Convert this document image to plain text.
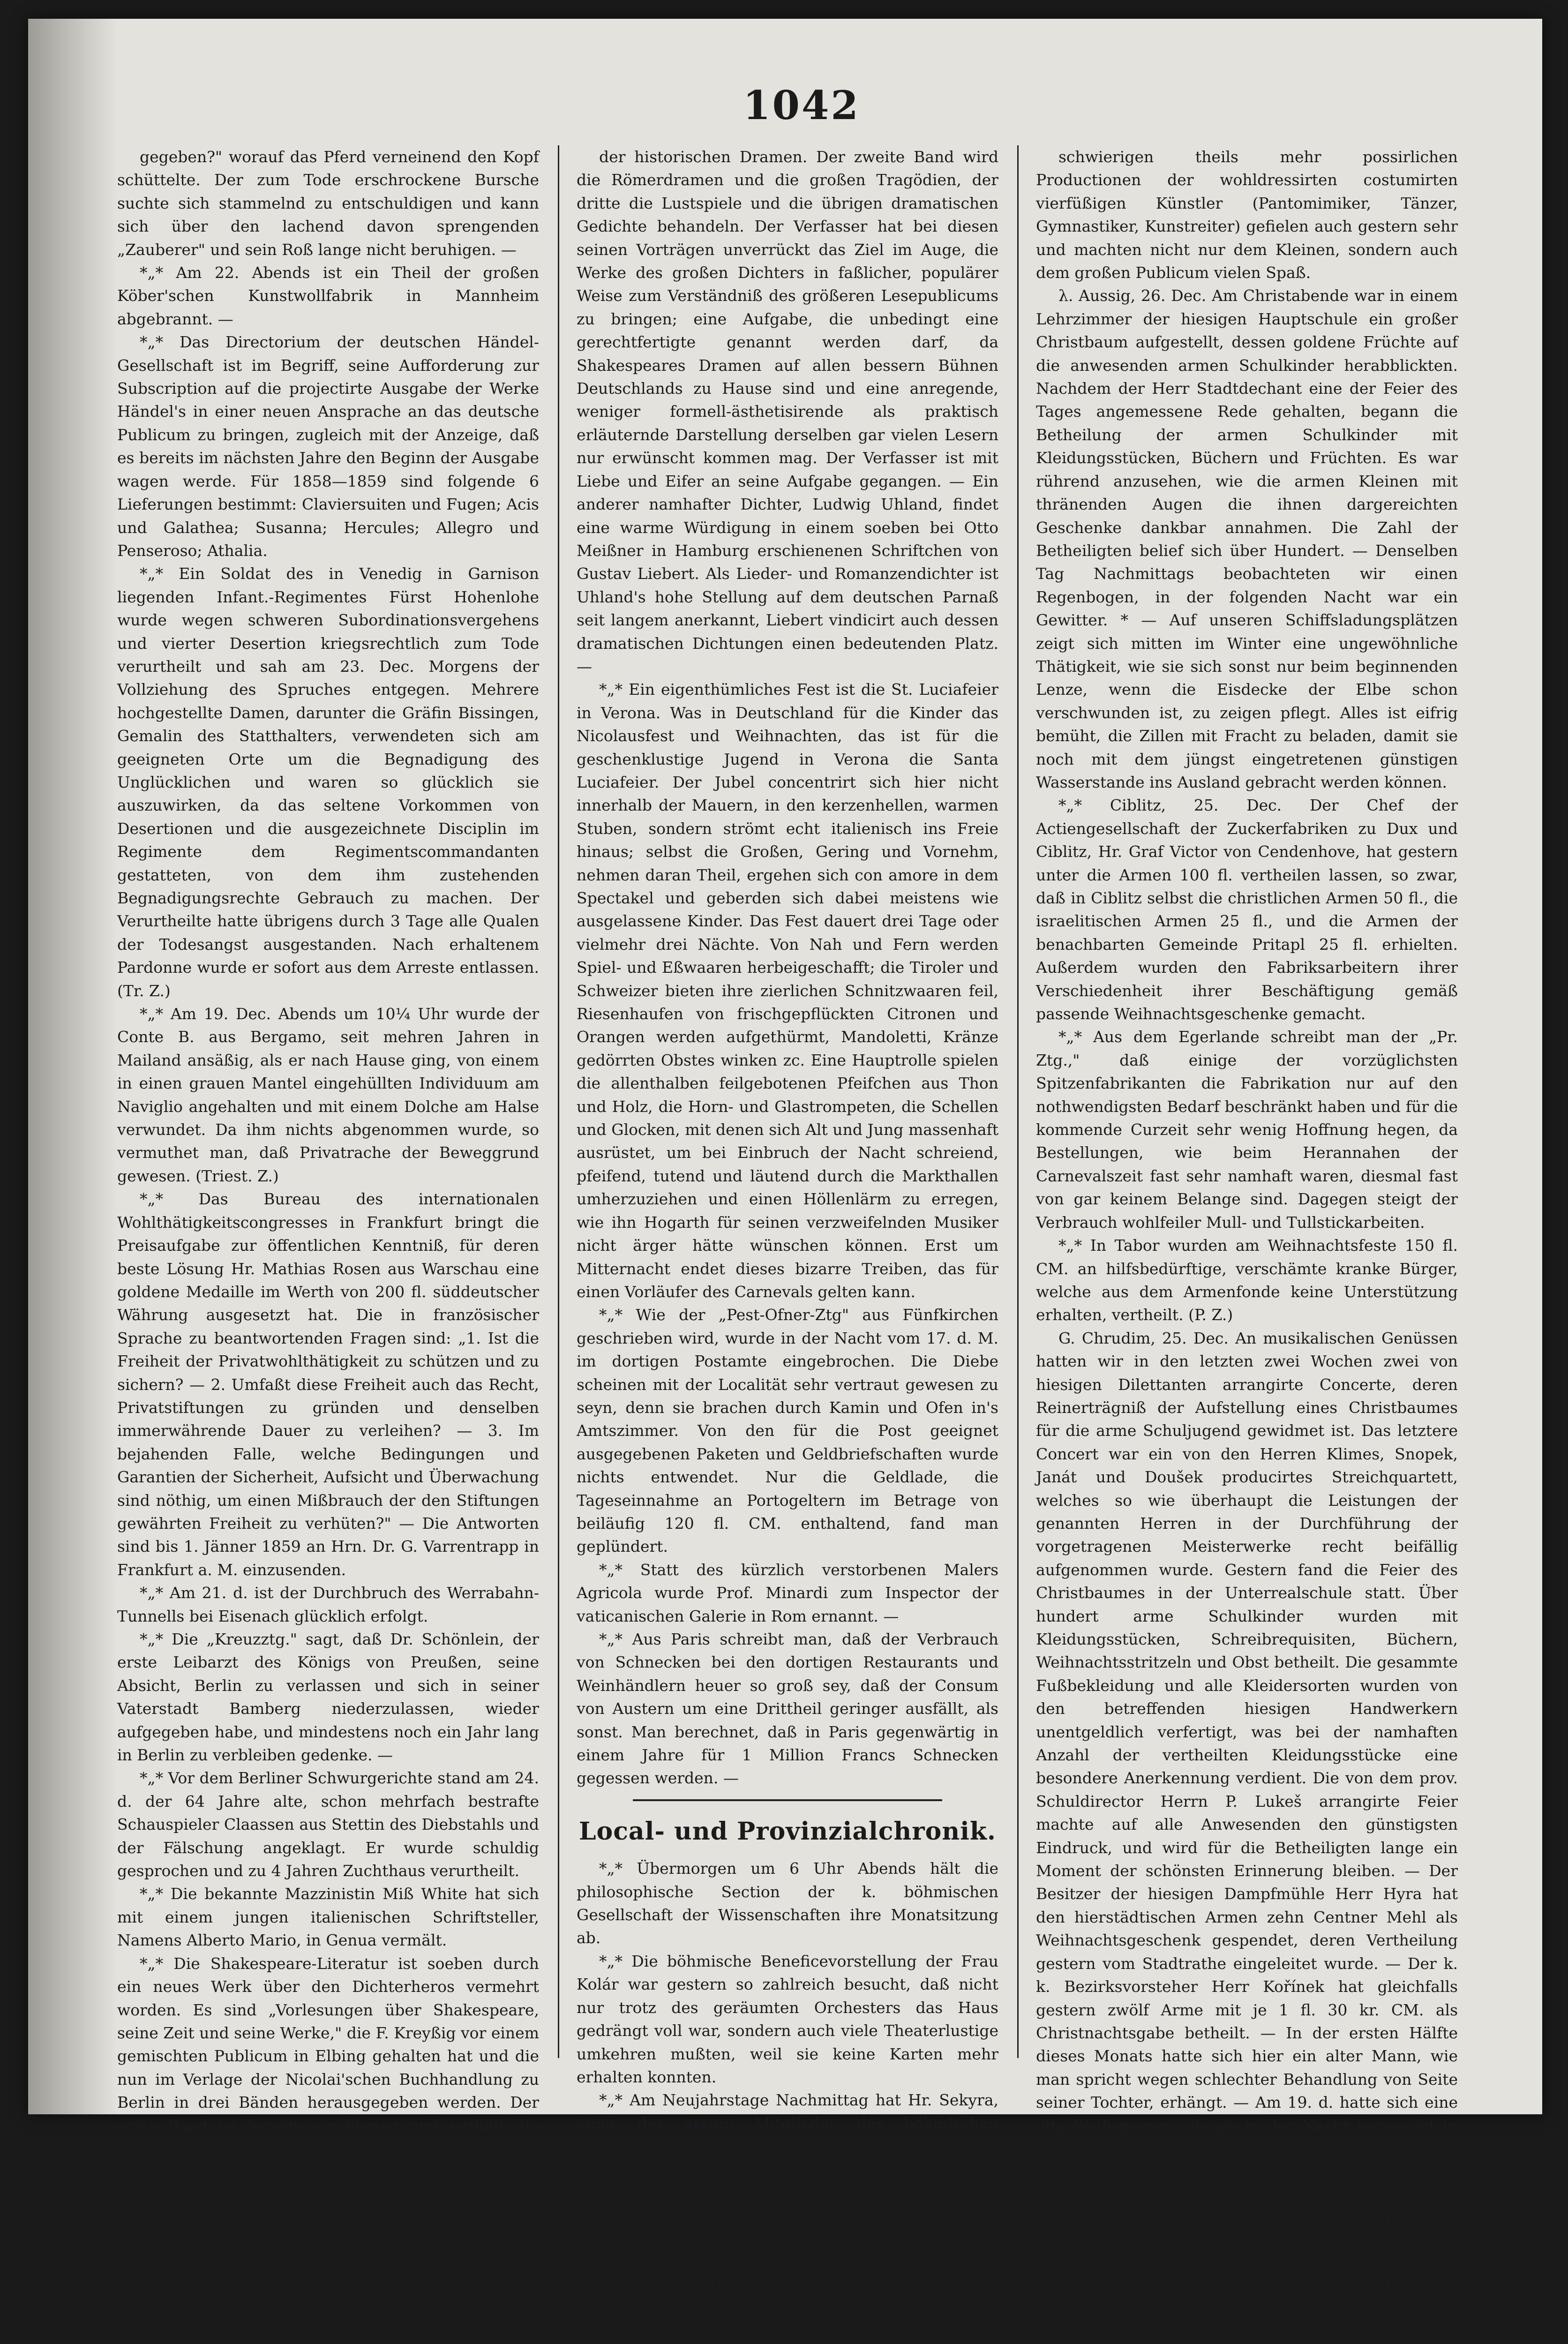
1042

gegeben?" worauf das Pferd verneinend den Kopf schüttelte. Der zum Tode erschrockene Bursche suchte sich stammelnd zu entschuldigen und kann sich über den lachend davon sprengenden „Zauberer" und sein Roß lange nicht beruhigen. —

*„* Am 22. Abends ist ein Theil der großen Köber'schen Kunstwollfabrik in Mannheim abgebrannt. —

*„* Das Directorium der deutschen Händel-Gesellschaft ist im Begriff, seine Aufforderung zur Subscription auf die projectirte Ausgabe der Werke Händel's in einer neuen Ansprache an das deutsche Publicum zu bringen, zugleich mit der Anzeige, daß es bereits im nächsten Jahre den Beginn der Ausgabe wagen werde. Für 1858—1859 sind folgende 6 Lieferungen bestimmt: Claviersuiten und Fugen; Acis und Galathea; Susanna; Hercules; Allegro und Penseroso; Athalia.

*„* Ein Soldat des in Venedig in Garnison liegenden Infant.-Regimentes Fürst Hohenlohe wurde wegen schweren Subordinationsvergehens und vierter Desertion kriegsrechtlich zum Tode verurtheilt und sah am 23. Dec. Morgens der Vollziehung des Spruches entgegen. Mehrere hochgestellte Damen, darunter die Gräfin Bissingen, Gemalin des Statthalters, verwendeten sich am geeigneten Orte um die Begnadigung des Unglücklichen und waren so glücklich sie auszuwirken, da das seltene Vorkommen von Desertionen und die ausgezeichnete Disciplin im Regimente dem Regimentscommandanten gestatteten, von dem ihm zustehenden Begnadigungsrechte Gebrauch zu machen. Der Verurtheilte hatte übrigens durch 3 Tage alle Qualen der Todesangst ausgestanden. Nach erhaltenem Pardonne wurde er sofort aus dem Arreste entlassen. (Tr. Z.)

*„* Am 19. Dec. Abends um 10¼ Uhr wurde der Conte B. aus Bergamo, seit mehren Jahren in Mailand ansäßig, als er nach Hause ging, von einem in einen grauen Mantel eingehüllten Individuum am Naviglio angehalten und mit einem Dolche am Halse verwundet. Da ihm nichts abgenommen wurde, so vermuthet man, daß Privatrache der Beweggrund gewesen. (Triest. Z.)

*„* Das Bureau des internationalen Wohlthätigkeitscongresses in Frankfurt bringt die Preisaufgabe zur öffentlichen Kenntniß, für deren beste Lösung Hr. Mathias Rosen aus Warschau eine goldene Medaille im Werth von 200 fl. süddeutscher Währung ausgesetzt hat. Die in französischer Sprache zu beantwortenden Fragen sind: „1. Ist die Freiheit der Privatwohlthätigkeit zu schützen und zu sichern? — 2. Umfaßt diese Freiheit auch das Recht, Privatstiftungen zu gründen und denselben immerwährende Dauer zu verleihen? — 3. Im bejahenden Falle, welche Bedingungen und Garantien der Sicherheit, Aufsicht und Überwachung sind nöthig, um einen Mißbrauch der den Stiftungen gewährten Freiheit zu verhüten?" — Die Antworten sind bis 1. Jänner 1859 an Hrn. Dr. G. Varrentrapp in Frankfurt a. M. einzusenden.

*„* Am 21. d. ist der Durchbruch des Werrabahn-Tunnells bei Eisenach glücklich erfolgt.

*„* Die „Kreuzztg." sagt, daß Dr. Schönlein, der erste Leibarzt des Königs von Preußen, seine Absicht, Berlin zu verlassen und sich in seiner Vaterstadt Bamberg niederzulassen, wieder aufgegeben habe, und mindestens noch ein Jahr lang in Berlin zu verbleiben gedenke. —

*„* Vor dem Berliner Schwurgerichte stand am 24. d. der 64 Jahre alte, schon mehrfach bestrafte Schauspieler Claassen aus Stettin des Diebstahls und der Fälschung angeklagt. Er wurde schuldig gesprochen und zu 4 Jahren Zuchthaus verurtheilt.

*„* Die bekannte Mazzinistin Miß White hat sich mit einem jungen italienischen Schriftsteller, Namens Alberto Mario, in Genua vermält.

*„* Die Shakespeare-Literatur ist soeben durch ein neues Werk über den Dichterheros vermehrt worden. Es sind „Vorlesungen über Shakespeare, seine Zeit und seine Werke," die F. Kreyßig vor einem gemischten Publicum in Elbing gehalten hat und die nun im Verlage der Nicolai'schen Buchhandlung zu Berlin in drei Bänden herausgegeben werden. Der erste Band ist bereits erschienen und enthält die einleitenden Vorträge über des Dichters Zeitalter und Volk, seine Lebensgeschichte, sowie seine künstlerische und sittliche Bedeutung und die Erklärung

der historischen Dramen. Der zweite Band wird die Römerdramen und die großen Tragödien, der dritte die Lustspiele und die übrigen dramatischen Gedichte behandeln. Der Verfasser hat bei diesen seinen Vorträgen unverrückt das Ziel im Auge, die Werke des großen Dichters in faßlicher, populärer Weise zum Verständniß des größeren Lesepublicums zu bringen; eine Aufgabe, die unbedingt eine gerechtfertigte genannt werden darf, da Shakespeares Dramen auf allen bessern Bühnen Deutschlands zu Hause sind und eine anregende, weniger formell-ästhetisirende als praktisch erläuternde Darstellung derselben gar vielen Lesern nur erwünscht kommen mag. Der Verfasser ist mit Liebe und Eifer an seine Aufgabe gegangen. — Ein anderer namhafter Dichter, Ludwig Uhland, findet eine warme Würdigung in einem soeben bei Otto Meißner in Hamburg erschienenen Schriftchen von Gustav Liebert. Als Lieder- und Romanzendichter ist Uhland's hohe Stellung auf dem deutschen Parnaß seit langem anerkannt, Liebert vindicirt auch dessen dramatischen Dichtungen einen bedeutenden Platz. —

*„* Ein eigenthümliches Fest ist die St. Luciafeier in Verona. Was in Deutschland für die Kinder das Nicolausfest und Weihnachten, das ist für die geschenklustige Jugend in Verona die Santa Luciafeier. Der Jubel concentrirt sich hier nicht innerhalb der Mauern, in den kerzenhellen, warmen Stuben, sondern strömt echt italienisch ins Freie hinaus; selbst die Großen, Gering und Vornehm, nehmen daran Theil, ergehen sich con amore in dem Spectakel und geberden sich dabei meistens wie ausgelassene Kinder. Das Fest dauert drei Tage oder vielmehr drei Nächte. Von Nah und Fern werden Spiel- und Eßwaaren herbeigeschafft; die Tiroler und Schweizer bieten ihre zierlichen Schnitzwaaren feil, Riesenhaufen von frischgepflückten Citronen und Orangen werden aufgethürmt, Mandoletti, Kränze gedörrten Obstes winken zc. Eine Hauptrolle spielen die allenthalben feilgebotenen Pfeifchen aus Thon und Holz, die Horn- und Glastrompeten, die Schellen und Glocken, mit denen sich Alt und Jung massenhaft ausrüstet, um bei Einbruch der Nacht schreiend, pfeifend, tutend und läutend durch die Markthallen umherzuziehen und einen Höllenlärm zu erregen, wie ihn Hogarth für seinen verzweifelnden Musiker nicht ärger hätte wünschen können. Erst um Mitternacht endet dieses bizarre Treiben, das für einen Vorläufer des Carnevals gelten kann.

*„* Wie der „Pest-Ofner-Ztg" aus Fünfkirchen geschrieben wird, wurde in der Nacht vom 17. d. M. im dortigen Postamte eingebrochen. Die Diebe scheinen mit der Localität sehr vertraut gewesen zu seyn, denn sie brachen durch Kamin und Ofen in's Amtszimmer. Von den für die Post geeignet ausgegebenen Paketen und Geldbriefschaften wurde nichts entwendet. Nur die Geldlade, die Tageseinnahme an Portogeltern im Betrage von beiläufig 120 fl. CM. enthaltend, fand man geplündert.

*„* Statt des kürzlich verstorbenen Malers Agricola wurde Prof. Minardi zum Inspector der vaticanischen Galerie in Rom ernannt. —

*„* Aus Paris schreibt man, daß der Verbrauch von Schnecken bei den dortigen Restaurants und Weinhändlern heuer so groß sey, daß der Consum von Austern um eine Drittheil geringer ausfällt, als sonst. Man berechnet, daß in Paris gegenwärtig in einem Jahre für 1 Million Francs Schnecken gegessen werden. —

Local- und Provinzialchronik.

*„* Übermorgen um 6 Uhr Abends hält die philosophische Section der k. böhmischen Gesellschaft der Wissenschaften ihre Monatsitzung ab.

*„* Die böhmische Beneficevorstellung der Frau Kolár war gestern so zahlreich besucht, daß nicht nur trotz des geräumten Orchesters das Haus gedrängt voll war, sondern auch viele Theaterlustige umkehren mußten, weil sie keine Karten mehr erhalten konnten.

*„* Am Neujahrstage Nachmittag hat Hr. Sekyra, einer der ersten Mitglieder des böhmischen Schauspiels seine Benefizvorstellung, bei welcher die gegeben die unterhaltende Nestroy'sche Posse „Der Talisman" zum erstenmale in böhmischer Sprache zur Aufführung kommt.

*„* Bei sehr gut besetztem Hause wurde gestern im Circus am Karlsplatz das bekannte und beliebte Casanova'sche „Affe theater," das jedoch außer Affen auch Hunde zu seinen Mitgliedern zählt, wieder eröffnet. Die theils mehr

schwierigen theils mehr possirlichen Productionen der wohldressirten costumirten vierfüßigen Künstler (Pantomimiker, Tänzer, Gymnastiker, Kunstreiter) gefielen auch gestern sehr und machten nicht nur dem Kleinen, sondern auch dem großen Publicum vielen Spaß.

λ. Aussig, 26. Dec. Am Christabende war in einem Lehrzimmer der hiesigen Hauptschule ein großer Christbaum aufgestellt, dessen goldene Früchte auf die anwesenden armen Schulkinder herabblickten. Nachdem der Herr Stadtdechant eine der Feier des Tages angemessene Rede gehalten, begann die Betheilung der armen Schulkinder mit Kleidungsstücken, Büchern und Früchten. Es war rührend anzusehen, wie die armen Kleinen mit thränenden Augen die ihnen dargereichten Geschenke dankbar annahmen. Die Zahl der Betheiligten belief sich über Hundert. — Denselben Tag Nachmittags beobachteten wir einen Regenbogen, in der folgenden Nacht war ein Gewitter. * — Auf unseren Schiffsladungsplätzen zeigt sich mitten im Winter eine ungewöhnliche Thätigkeit, wie sie sich sonst nur beim beginnenden Lenze, wenn die Eisdecke der Elbe schon verschwunden ist, zu zeigen pflegt. Alles ist eifrig bemüht, die Zillen mit Fracht zu beladen, damit sie noch mit dem jüngst eingetretenen günstigen Wasserstande ins Ausland gebracht werden können.

*„* Ciblitz, 25. Dec. Der Chef der Actiengesellschaft der Zuckerfabriken zu Dux und Ciblitz, Hr. Graf Victor von Cendenhove, hat gestern unter die Armen 100 fl. vertheilen lassen, so zwar, daß in Ciblitz selbst die christlichen Armen 50 fl., die israelitischen Armen 25 fl., und die Armen der benachbarten Gemeinde Pritapl 25 fl. erhielten. Außerdem wurden den Fabriksarbeitern ihrer Verschiedenheit ihrer Beschäftigung gemäß passende Weihnachtsgeschenke gemacht.

*„* Aus dem Egerlande schreibt man der „Pr. Ztg.," daß einige der vorzüglichsten Spitzenfabrikanten die Fabrikation nur auf den nothwendigsten Bedarf beschränkt haben und für die kommende Curzeit sehr wenig Hoffnung hegen, da Bestellungen, wie beim Herannahen der Carnevalszeit fast sehr namhaft waren, diesmal fast von gar keinem Belange sind. Dagegen steigt der Verbrauch wohlfeiler Mull- und Tullstickarbeiten.

*„* In Tabor wurden am Weihnachtsfeste 150 fl. CM. an hilfsbedürftige, verschämte kranke Bürger, welche aus dem Armenfonde keine Unterstützung erhalten, vertheilt. (P. Z.)

G. Chrudim, 25. Dec. An musikalischen Genüssen hatten wir in den letzten zwei Wochen zwei von hiesigen Dilettanten arrangirte Concerte, deren Reinerträgniß der Aufstellung eines Christbaumes für die arme Schuljugend gewidmet ist. Das letztere Concert war ein von den Herren Klimes, Snopek, Janát und Doušek producirtes Streichquartett, welches so wie überhaupt die Leistungen der genannten Herren in der Durchführung der vorgetragenen Meisterwerke recht beifällig aufgenommen wurde. Gestern fand die Feier des Christbaumes in der Unterrealschule statt. Über hundert arme Schulkinder wurden mit Kleidungsstücken, Schreibrequisiten, Büchern, Weihnachtsstritzeln und Obst betheilt. Die gesammte Fußbekleidung und alle Kleidersorten wurden von den betreffenden hiesigen Handwerkern unentgeldlich verfertigt, was bei der namhaften Anzahl der vertheilten Kleidungsstücke eine besondere Anerkennung verdient. Die von dem prov. Schuldirector Herrn P. Lukeš arrangirte Feier machte auf alle Anwesenden den günstigsten Eindruck, und wird für die Betheiligten lange ein Moment der schönsten Erinnerung bleiben. — Der Besitzer der hiesigen Dampfmühle Herr Hyra hat den hierstädtischen Armen zehn Centner Mehl als Weihnachtsgeschenk gespendet, deren Vertheilung gestern vom Stadtrathe eingeleitet wurde. — Der k. k. Bezirksvorsteher Herr Kořínek hat gleichfalls gestern zwölf Arme mit je 1 fl. 30 kr. CM. als Christnachtsgabe betheilt. — In der ersten Hälfte dieses Monats hatte sich hier ein alter Mann, wie man spricht wegen schlechter Behandlung von Seite seiner Tochter, erhängt. — Am 19. d. hatte sich eine alte Weibsperson, als sie in der Nacht berauscht in ihrer Wohnung angekommen war, um sich zu wärmen, über einen Topf mit glühenden Kohlen gesetzt. Sie verfiel in einen tiefen Schlaf, während dessen ihre Röcke Feuer fingen, wodurch ihre unteren Körpertheile auf eine schauderhafte Weise verbrannt wurden. Am 21. d. starb dieses Weib in Folge der erlittenen Brandwunden, und es ist hervorzuheben, daß sie bei dem Brande ihrer Röcke gar nicht aus dem Schlafe erwachte und ihr Körper
